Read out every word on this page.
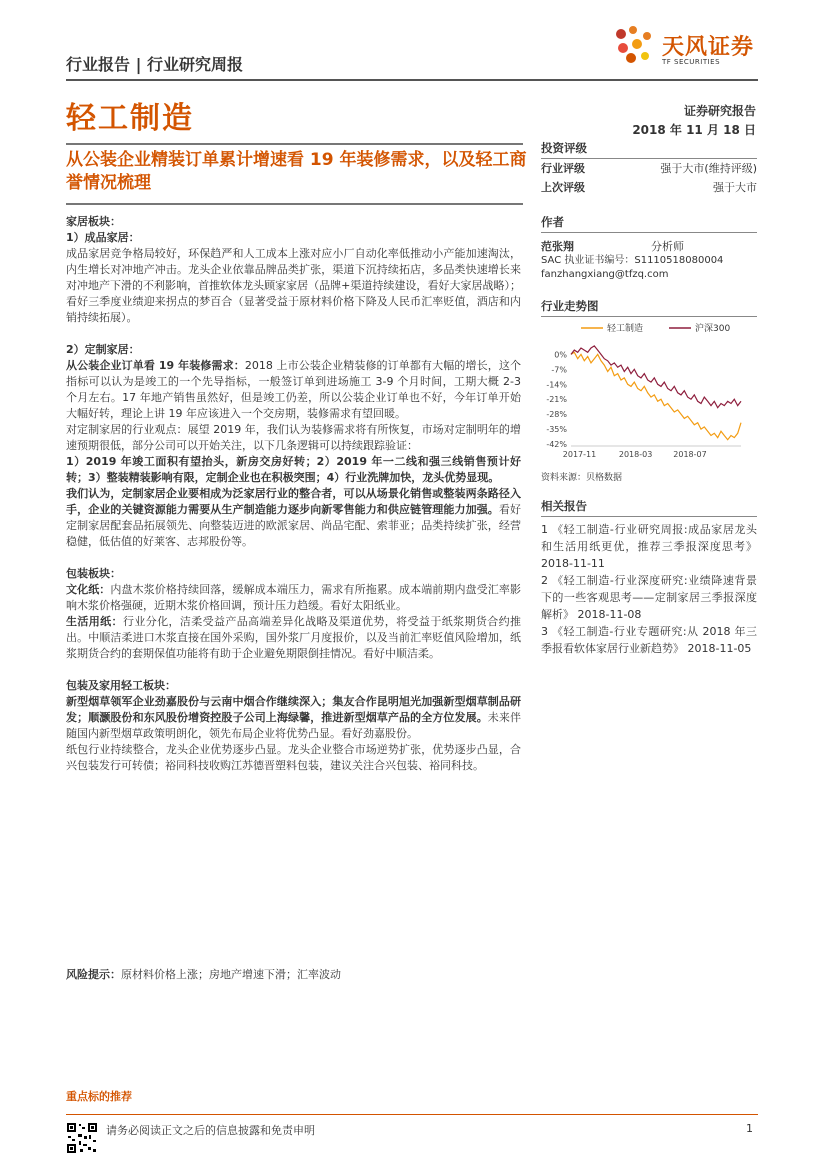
行业报告 | 行业研究周报
天风证券
TF SECURITIES
轻工制造	证券研究报告
2018 年 11 月 18 日
从公装企业精装订单累计增速看 19 年装修需求，以及轻工商誉情况梳理

家居板块：

1）成品家居：

成品家居竞争格局较好，环保趋严和人工成本上涨对应小厂自动化率低推动小产能加速淘汰，内生增长对冲地产冲击。龙头企业依靠品牌品类扩张，渠道下沉持续拓店，多品类快速增长来对冲地产下滑的不利影响，首推软体龙头顾家家居（品牌+渠道持续建设，看好大家居战略）；看好三季度业绩迎来拐点的梦百合（显著受益于原材料价格下降及人民币汇率贬值，酒店和内销持续拓展）。

2）定制家居：

从公装企业订单看 19 年装修需求：2018 上市公装企业精装修的订单都有大幅的增长，这个指标可以认为是竣工的一个先导指标，一般签订单到进场施工 3-9 个月时间，工期大概 2-3 个月左右。17 年地产销售虽然好，但是竣工仍差，所以公装企业订单也不好，今年订单开始大幅好转，理论上讲 19 年应该进入一个交房期，装修需求有望回暖。

对定制家居的行业观点：展望 2019 年，我们认为装修需求将有所恢复，市场对定制明年的增速预期很低，部分公司可以开始关注，以下几条逻辑可以持续跟踪验证：

1）2019 年竣工面积有望抬头，新房交房好转；2）2019 年一二线和强三线销售预计好转；3）整装精装影响有限，定制企业也在积极突围；4）行业洗牌加快，龙头优势显现。

我们认为，定制家居企业要相成为泛家居行业的整合者，可以从场景化销售或整装两条路径入手，企业的关键资源能力需要从生产制造能力逐步向新零售能力和供应链管理能力加强。看好定制家居配套品拓展领先、向整装迈进的欧派家居、尚品宅配、索菲亚；品类持续扩张，经营稳健，低估值的好莱客、志邦股份等。

包装板块：

文化纸：内盘木浆价格持续回落，缓解成本端压力，需求有所拖累。成本端前期内盘受汇率影响木浆价格强硬，近期木浆价格回调，预计压力趋缓。看好太阳纸业。

生活用纸：行业分化，洁柔受益产品高端差异化战略及渠道优势，将受益于纸浆期货合约推出。中顺洁柔进口木浆直接在国外采购，国外浆厂月度报价，以及当前汇率贬值风险增加，纸浆期货合约的套期保值功能将有助于企业避免期限倒挂情况。看好中顺洁柔。

包装及家用轻工板块：

新型烟草领军企业劲嘉股份与云南中烟合作继续深入；集友合作昆明旭光加强新型烟草制品研发；顺灏股份和东风股份增资控股子公司上海绿馨，推进新型烟草产品的全方位发展。未来伴随国内新型烟草政策明朗化，领先布局企业将优势凸显。看好劲嘉股份。

纸包行业持续整合，龙头企业优势逐步凸显。龙头企业整合市场逆势扩张，优势逐步凸显，合兴包装发行可转债；裕同科技收购江苏德晋塑料包装，建议关注合兴包装、裕同科技。

投资评级
行业评级	强于大市(维持评级)
上次评级	强于大市
作者
范张翔	分析师
SAC 执业证书编号：S1110518080004
fanzhangxiang@tfzq.com
行业走势图
轻工制造	沪深300
0%
-7%
-14%
-21%
-28%
-35%
-42%
2017-11	2018-03	2018-07
资料来源：贝格数据
相关报告
1 《轻工制造-行业研究周报:成品家居龙头和生活用纸更优，推荐三季报深度思考》 2018-11-11
2 《轻工制造-行业深度研究:业绩降速背景下的一些客观思考——定制家居三季报深度解析》 2018-11-08
3 《轻工制造-行业专题研究:从 2018 年三季报看软体家居行业新趋势》 2018-11-05
风险提示：原材料价格上涨；房地产增速下滑；汇率波动
重点标的推荐
请务必阅读正文之后的信息披露和免责申明	1
